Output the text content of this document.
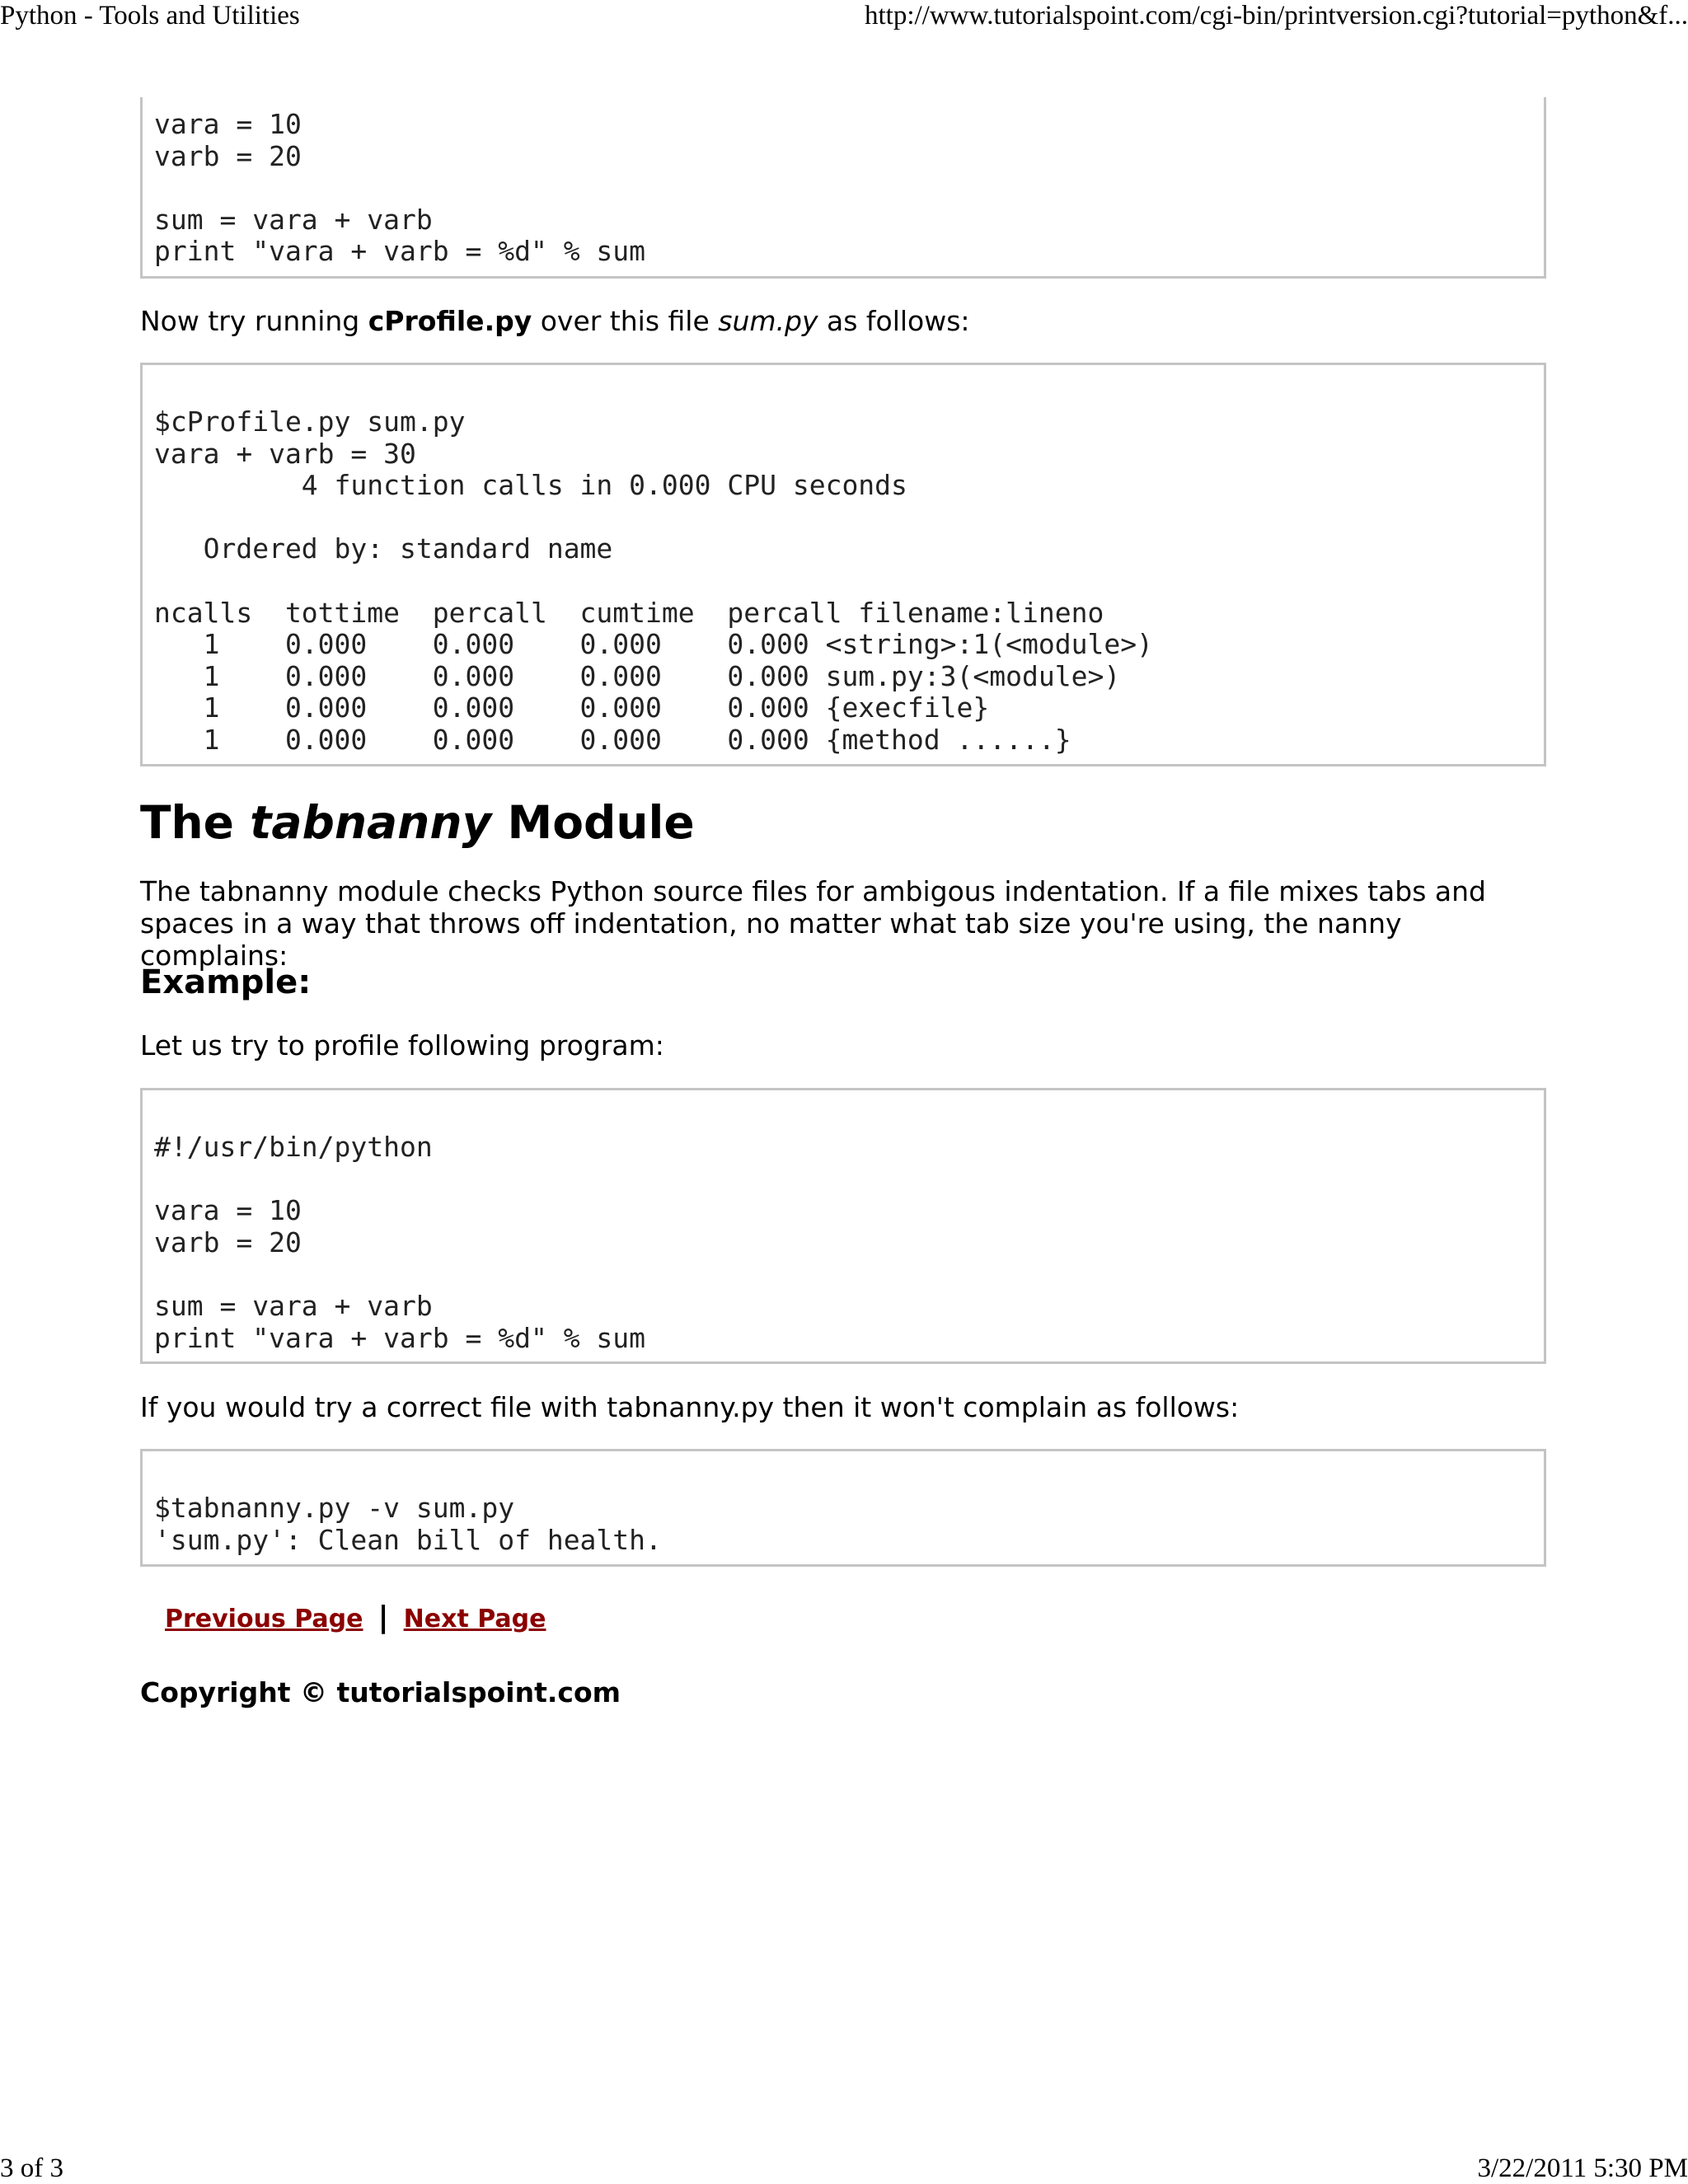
Python - Tools and Utilities	http://www.tutorialspoint.com/cgi-bin/printversion.cgi?tutorial=python&f...
vara = 10
varb = 20

sum = vara + varb
print "vara + varb = %d" % sum
Now try running cProfile.py over this file sum.py as follows:
$cProfile.py sum.py
vara + varb = 30
4 function calls in 0.000 CPU seconds

Ordered by: standard name

ncalls  tottime  percall  cumtime  percall filename:lineno
1    0.000    0.000    0.000    0.000 <string>:1(<module>)
1    0.000    0.000    0.000    0.000 sum.py:3(<module>)
1    0.000    0.000    0.000    0.000 {execfile}
1    0.000    0.000    0.000    0.000 {method ......}
The tabnanny Module
The tabnanny module checks Python source files for ambigous indentation. If a file mixes tabs and spaces in a way that throws off indentation, no matter what tab size you're using, the nanny complains:
Example:
Let us try to profile following program:
#!/usr/bin/python

vara = 10
varb = 20

sum = vara + varb
print "vara + varb = %d" % sum
If you would try a correct file with tabnanny.py then it won't complain as follows:
$tabnanny.py -v sum.py
'sum.py': Clean bill of health.
Previous Page | Next Page
Copyright © tutorialspoint.com
3 of 3	3/22/2011 5:30 PM
